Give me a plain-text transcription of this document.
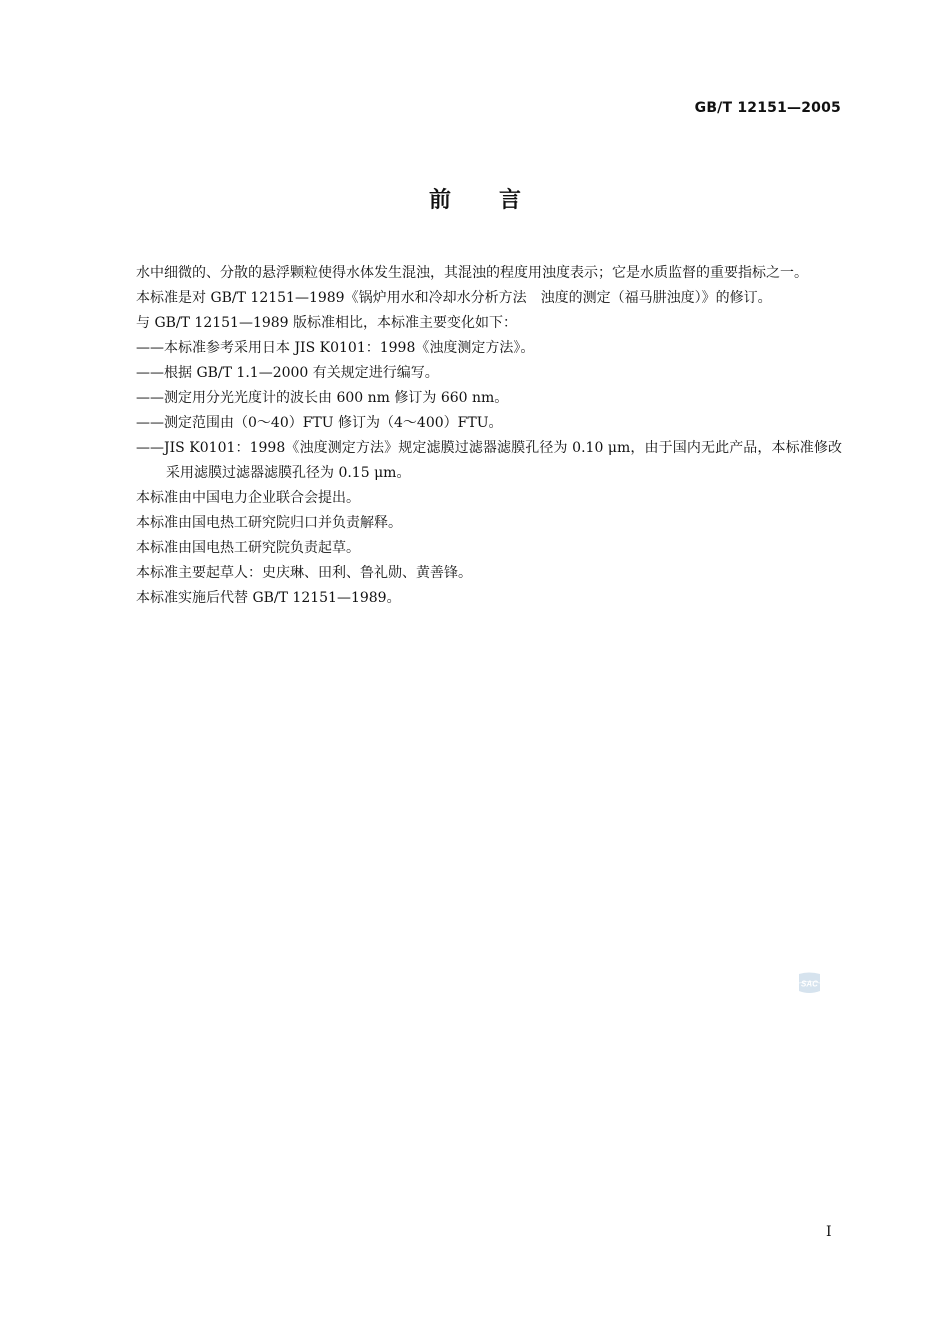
GB/T 12151—2005
前言

水中细微的、分散的悬浮颗粒使得水体发生混浊，其混浊的程度用浊度表示；它是水质监督的重要指标之一。

本标准是对 GB/T 12151—1989《锅炉用水和冷却水分析方法　浊度的测定（福马肼浊度）》的修订。

与 GB/T 12151—1989 版标准相比，本标准主要变化如下：

——本标准参考采用日本 JIS K0101：1998《浊度测定方法》。

——根据 GB/T 1.1—2000 有关规定进行编写。

——测定用分光光度计的波长由 600 nm 修订为 660 nm。

——测定范围由（0～40）FTU 修订为（4～400）FTU。

——JIS K0101：1998《浊度测定方法》规定滤膜过滤器滤膜孔径为 0.10 μm，由于国内无此产品，本标准修改采用滤膜过滤器滤膜孔径为 0.15 μm。

本标准由中国电力企业联合会提出。

本标准由国电热工研究院归口并负责解释。

本标准由国电热工研究院负责起草。

本标准主要起草人：史庆琳、田利、鲁礼勋、黄善锋。

本标准实施后代替 GB/T 12151—1989。

SAC
I
